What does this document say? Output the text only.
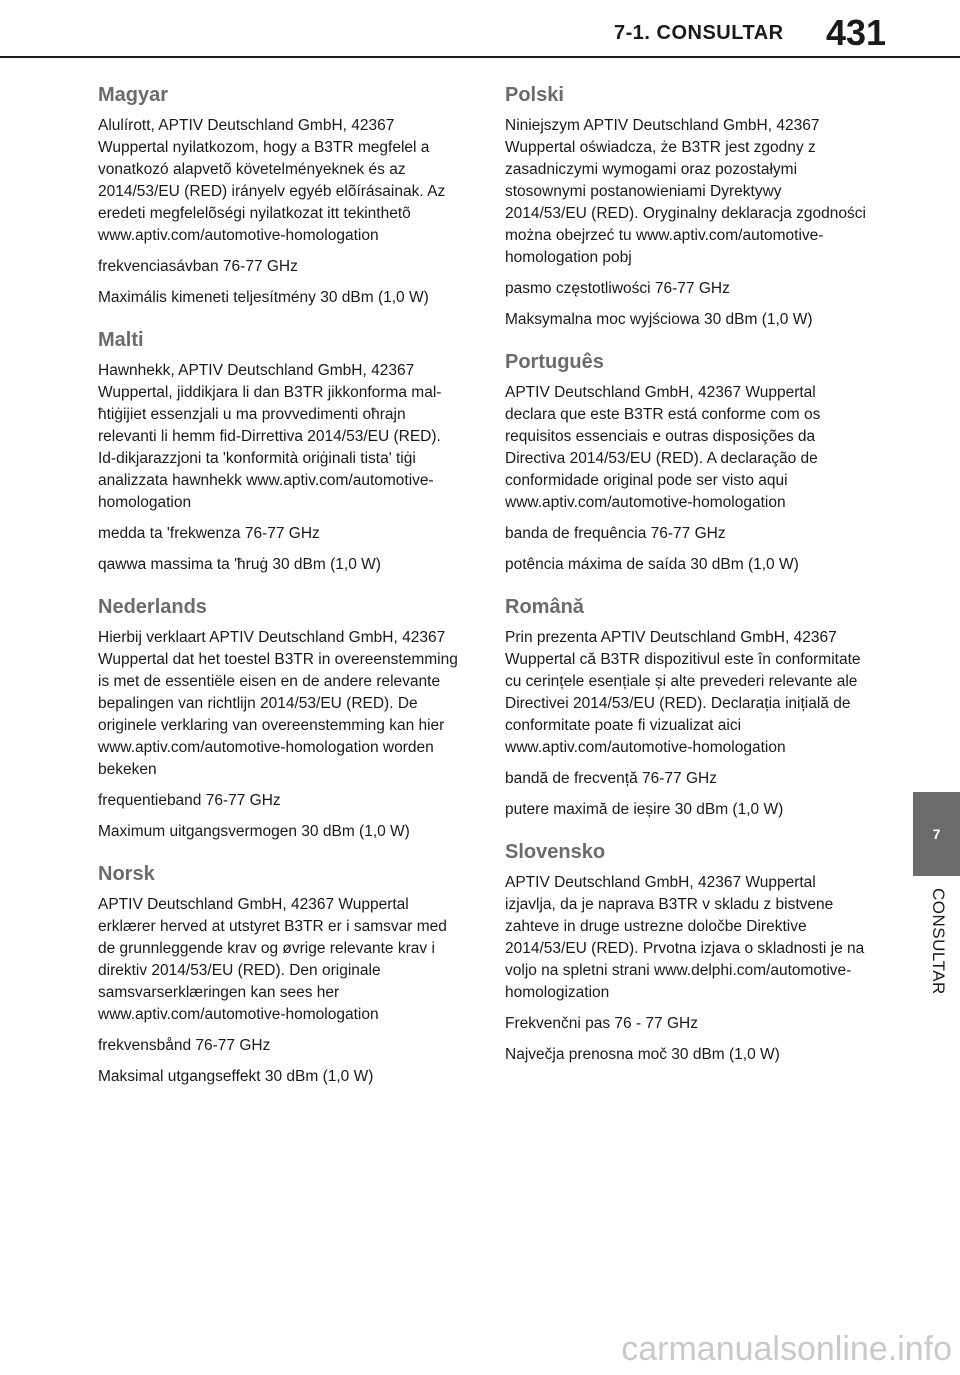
7-1. CONSULTAR 431
Magyar

Alulírott, APTIV Deutschland GmbH, 42367 Wuppertal nyilatkozom, hogy a B3TR megfelel a vonatkozó alapvetõ követelményeknek és az 2014/53/EU (RED) irányelv egyéb elõírásainak. Az eredeti megfelelõségi nyilatkozat itt tekinthetõ www.aptiv.com/automotive-homologation

frekvenciasávban 76-77 GHz

Maximális kimeneti teljesítmény 30 dBm (1,0 W)

Malti

Hawnhekk, APTIV Deutschland GmbH, 42367 Wuppertal, jiddikjara li dan B3TR jikkonforma mal-ħtiġijiet essenzjali u ma provvedimenti oħrajn relevanti li hemm fid-Dirrettiva 2014/53/EU (RED). Id-dikjarazzjoni ta 'konformità oriġinali tista' tiġi analizzata hawnhekk www.aptiv.com/automotive-homologation

medda ta 'frekwenza 76-77 GHz

qawwa massima ta 'ħruġ 30 dBm (1,0 W)

Nederlands

Hierbij verklaart APTIV Deutschland GmbH, 42367 Wuppertal dat het toestel B3TR in overeenstemming is met de essentiële eisen en de andere relevante bepalingen van richtlijn 2014/53/EU (RED). De originele verklaring van overeenstemming kan hier www.aptiv.com/automotive-homologation worden bekeken

frequentieband 76-77 GHz

Maximum uitgangsvermogen 30 dBm (1,0 W)

Norsk

APTIV Deutschland GmbH, 42367 Wuppertal erklærer herved at utstyret B3TR er i samsvar med de grunnleggende krav og øvrige relevante krav i direktiv 2014/53/EU (RED). Den originale samsvarserklæringen kan sees her www.aptiv.com/automotive-homologation

frekvensbånd 76-77 GHz

Maksimal utgangseffekt 30 dBm (1,0 W)

Polski

Niniejszym APTIV Deutschland GmbH, 42367 Wuppertal oświadcza, że B3TR jest zgodny z zasadniczymi wymogami oraz pozostałymi stosownymi postanowieniami Dyrektywy 2014/53/EU (RED). Oryginalny deklaracja zgodności można obejrzeć tu www.aptiv.com/automotive-homologation pobj

pasmo częstotliwości 76-77 GHz

Maksymalna moc wyjściowa 30 dBm (1,0 W)

Português

APTIV Deutschland GmbH, 42367 Wuppertal declara que este B3TR está conforme com os requisitos essenciais e outras disposições da Directiva 2014/53/EU (RED). A declaração de conformidade original pode ser visto aqui www.aptiv.com/automotive-homologation

banda de frequência 76-77 GHz

potência máxima de saída 30 dBm (1,0 W)

Română

Prin prezenta APTIV Deutschland GmbH, 42367 Wuppertal că B3TR dispozitivul este în conformitate cu cerințele esențiale și alte prevederi relevante ale Directivei 2014/53/EU (RED). Declarația inițială de conformitate poate fi vizualizat aici www.aptiv.com/automotive-homologation

bandă de frecvență 76-77 GHz

putere maximă de ieșire 30 dBm (1,0 W)

Slovensko

APTIV Deutschland GmbH, 42367 Wuppertal izjavlja, da je naprava B3TR v skladu z bistvene zahteve in druge ustrezne določbe Direktive 2014/53/EU (RED). Prvotna izjava o skladnosti je na voljo na spletni strani www.delphi.com/automotive-homologization

Frekvenčni pas 76 - 77 GHz

Največja prenosna moč 30 dBm (1,0 W)

7
CONSULTAR
carmanualsonline.info
